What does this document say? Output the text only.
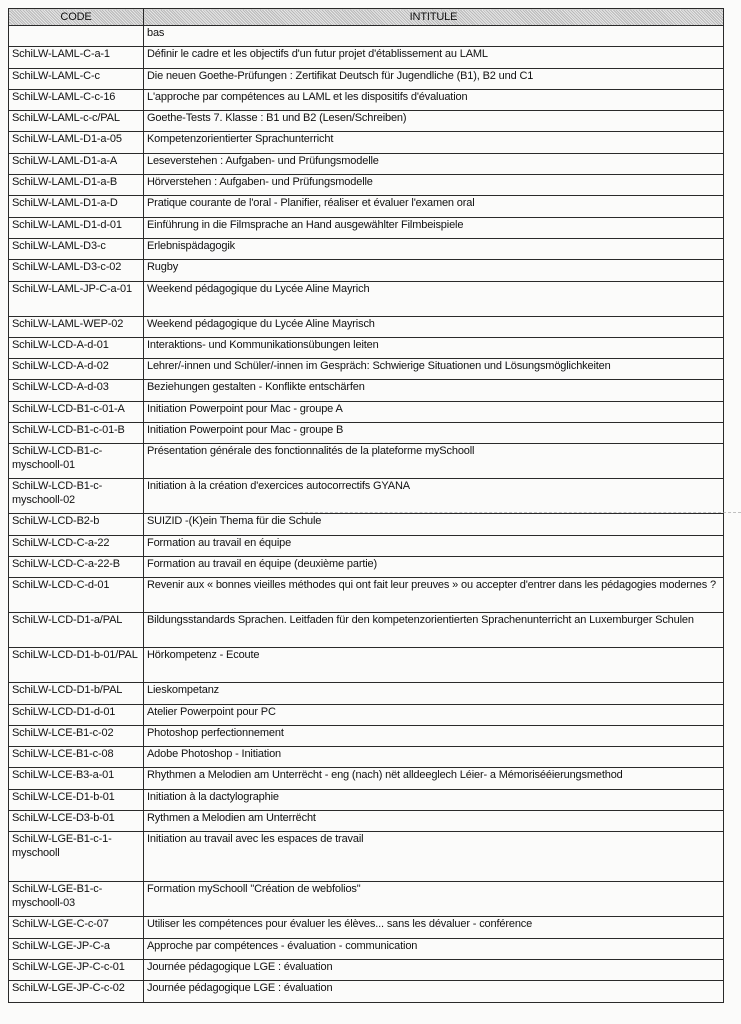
CODE	INTITULE
	bas
SchiLW-LAML-C-a-1	Définir le cadre et les objectifs d'un futur projet d'établissement au LAML
SchiLW-LAML-C-c	Die neuen Goethe-Prüfungen : Zertifikat Deutsch für Jugendliche (B1), B2 und C1
SchiLW-LAML-C-c-16	L'approche par compétences au LAML et les dispositifs d'évaluation
SchiLW-LAML-c-c/PAL	Goethe-Tests 7. Klasse : B1 und B2 (Lesen/Schreiben)
SchiLW-LAML-D1-a-05	Kompetenzorientierter Sprachunterricht
SchiLW-LAML-D1-a-A	Leseverstehen : Aufgaben- und Prüfungsmodelle
SchiLW-LAML-D1-a-B	Hörverstehen : Aufgaben- und Prüfungsmodelle
SchiLW-LAML-D1-a-D	Pratique courante de l'oral - Planifier, réaliser et évaluer l'examen oral
SchiLW-LAML-D1-d-01	Einführung in die Filmsprache an Hand ausgewählter Filmbeispiele
SchiLW-LAML-D3-c	Erlebnispädagogik
SchiLW-LAML-D3-c-02	Rugby
SchiLW-LAML-JP-C-a-01	Weekend pédagogique du Lycée Aline Mayrich
SchiLW-LAML-WEP-02	Weekend pédagogique du Lycée Aline Mayrisch
SchiLW-LCD-A-d-01	Interaktions- und Kommunikationsübungen leiten
SchiLW-LCD-A-d-02	Lehrer/-innen und Schüler/-innen im Gespräch: Schwierige Situationen und Lösungsmöglichkeiten
SchiLW-LCD-A-d-03	Beziehungen gestalten - Konflikte entschärfen
SchiLW-LCD-B1-c-01-A	Initiation Powerpoint pour Mac - groupe A
SchiLW-LCD-B1-c-01-B	Initiation Powerpoint pour Mac - groupe B
SchiLW-LCD-B1-c-myschooll-01	Présentation générale des fonctionnalités de la plateforme mySchooll
SchiLW-LCD-B1-c-myschooll-02	Initiation à la création d'exercices autocorrectifs GYANA
SchiLW-LCD-B2-b	SUIZID -(K)ein Thema für die Schule
SchiLW-LCD-C-a-22	Formation au travail en équipe
SchiLW-LCD-C-a-22-B	Formation au travail en équipe (deuxième partie)
SchiLW-LCD-C-d-01	Revenir aux « bonnes vieilles méthodes qui ont fait leur preuves » ou accepter d'entrer dans les pédagogies modernes ?
SchiLW-LCD-D1-a/PAL	Bildungsstandards Sprachen. Leitfaden für den kompetenzorientierten Sprachenunterricht an Luxemburger Schulen
SchiLW-LCD-D1-b-01/PAL	Hörkompetenz - Ecoute
SchiLW-LCD-D1-b/PAL	Lieskompetanz
SchiLW-LCD-D1-d-01	Atelier Powerpoint pour PC
SchiLW-LCE-B1-c-02	Photoshop perfectionnement
SchiLW-LCE-B1-c-08	Adobe Photoshop - Initiation
SchiLW-LCE-B3-a-01	Rhythmen a Melodien am Unterrëcht - eng (nach) nët alldeeglech Léier- a Mémorisééierungsmethod
SchiLW-LCE-D1-b-01	Initiation à la dactylographie
SchiLW-LCE-D3-b-01	Rythmen a Melodien am Unterrëcht
SchiLW-LGE-B1-c-1-myschooll	Initiation au travail avec les espaces de travail
SchiLW-LGE-B1-c-myschooll-03	Formation mySchooll "Création de webfolios"
SchiLW-LGE-C-c-07	Utiliser les compétences pour évaluer les élèves... sans les dévaluer - conférence
SchiLW-LGE-JP-C-a	Approche par compétences - évaluation - communication
SchiLW-LGE-JP-C-c-01	Journée pédagogique LGE : évaluation
SchiLW-LGE-JP-C-c-02	Journée pédagogique LGE : évaluation
